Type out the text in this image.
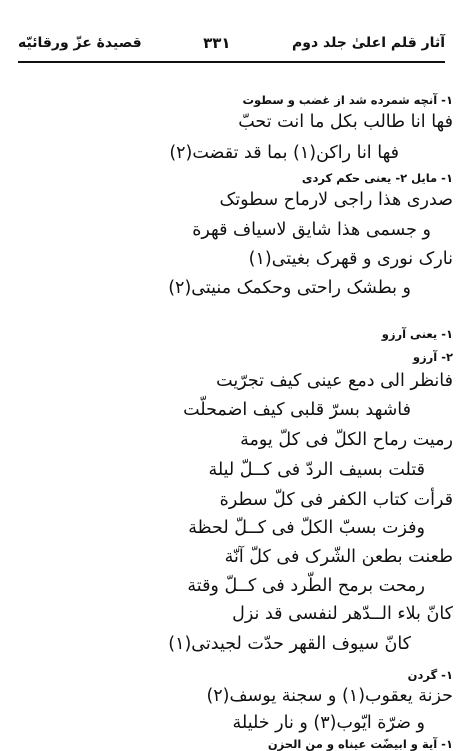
آثار قلم اعلیٰ جلد دوم
۳۳۱
قصیدهٔ عزّ ورقائیّه
۱- آنچه شمرده شد از غضب و سطوت
فها انا طالب بکل ما انت تحبّ
فها انا راکن(۱) بما قد تقضت(۲)
۱- مایل ۲- یعنی حکم کردی
صدری هذا راجی لارماح سطوتک
و جسمی هذا شایق لاسیاف قهرة
نارک نوری و قهرک بغیتی(۱)
و بطشک راحتی وحکمک منیتی(۲)
۱- یعنی آرزو
۲- آرزو
فانظر الی دمع عینی کیف تجرّیت
فاشهد بسرّ قلبی کیف اضمحلّت
رمیت رماح الکلّ فی کلّ یومة
قتلت بسیف الردّ فی کــلّ لیلة
قرأت کتاب الکفر فی کلّ سطرة
وفزت بسبّ الکلّ فی کــلّ لحظة
طعنت بطعن الشّرک فی کلّ آنّة
رمحت برمح الطّرد فی کــلّ وقتة
کانّ بلاء الــدّهر لنفسی قد نزل
کانّ سیوف القهر حدّت لجیدتی(۱)
۱- گردن
حزنة یعقوب(۱) و سجنة یوسف(۲)
و ضرّة ایّوب(۳) و نار خلیلة
۱- آیة و ابیضّت عیناه و من الحزن
